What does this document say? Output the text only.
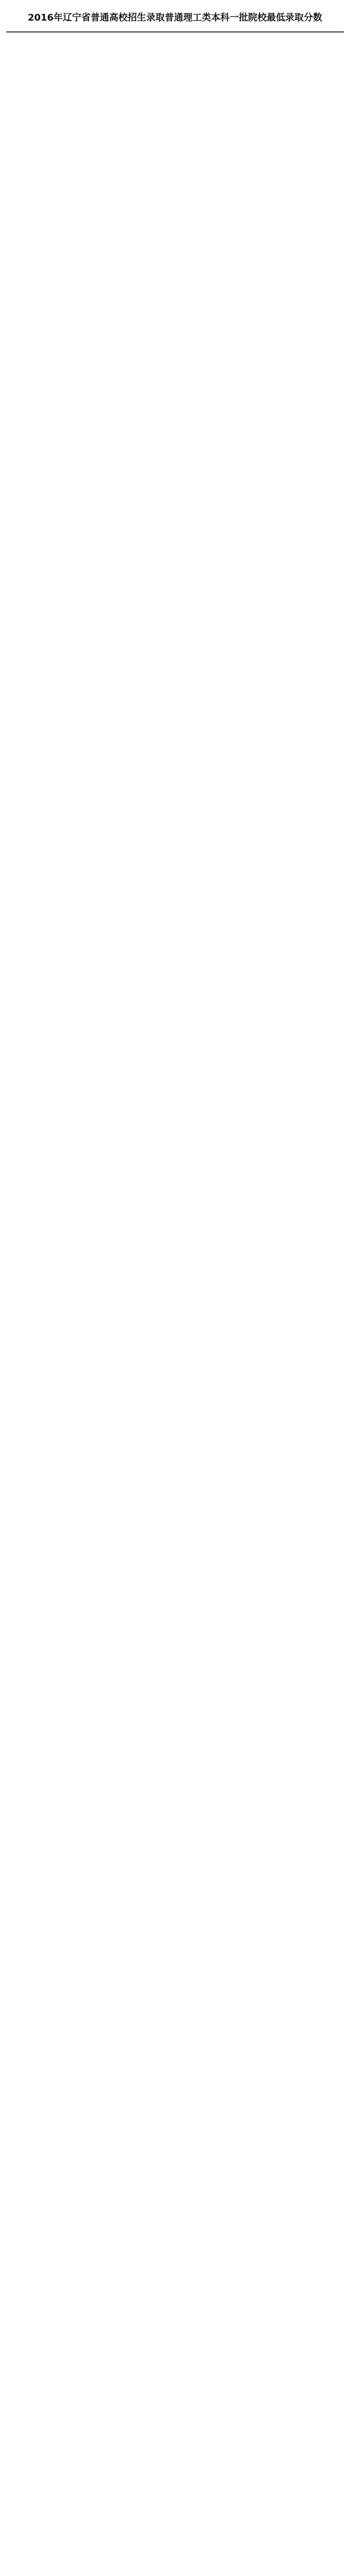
2016年辽宁省普通高校招生录取普通理工类本科一批院校最低录取分数
